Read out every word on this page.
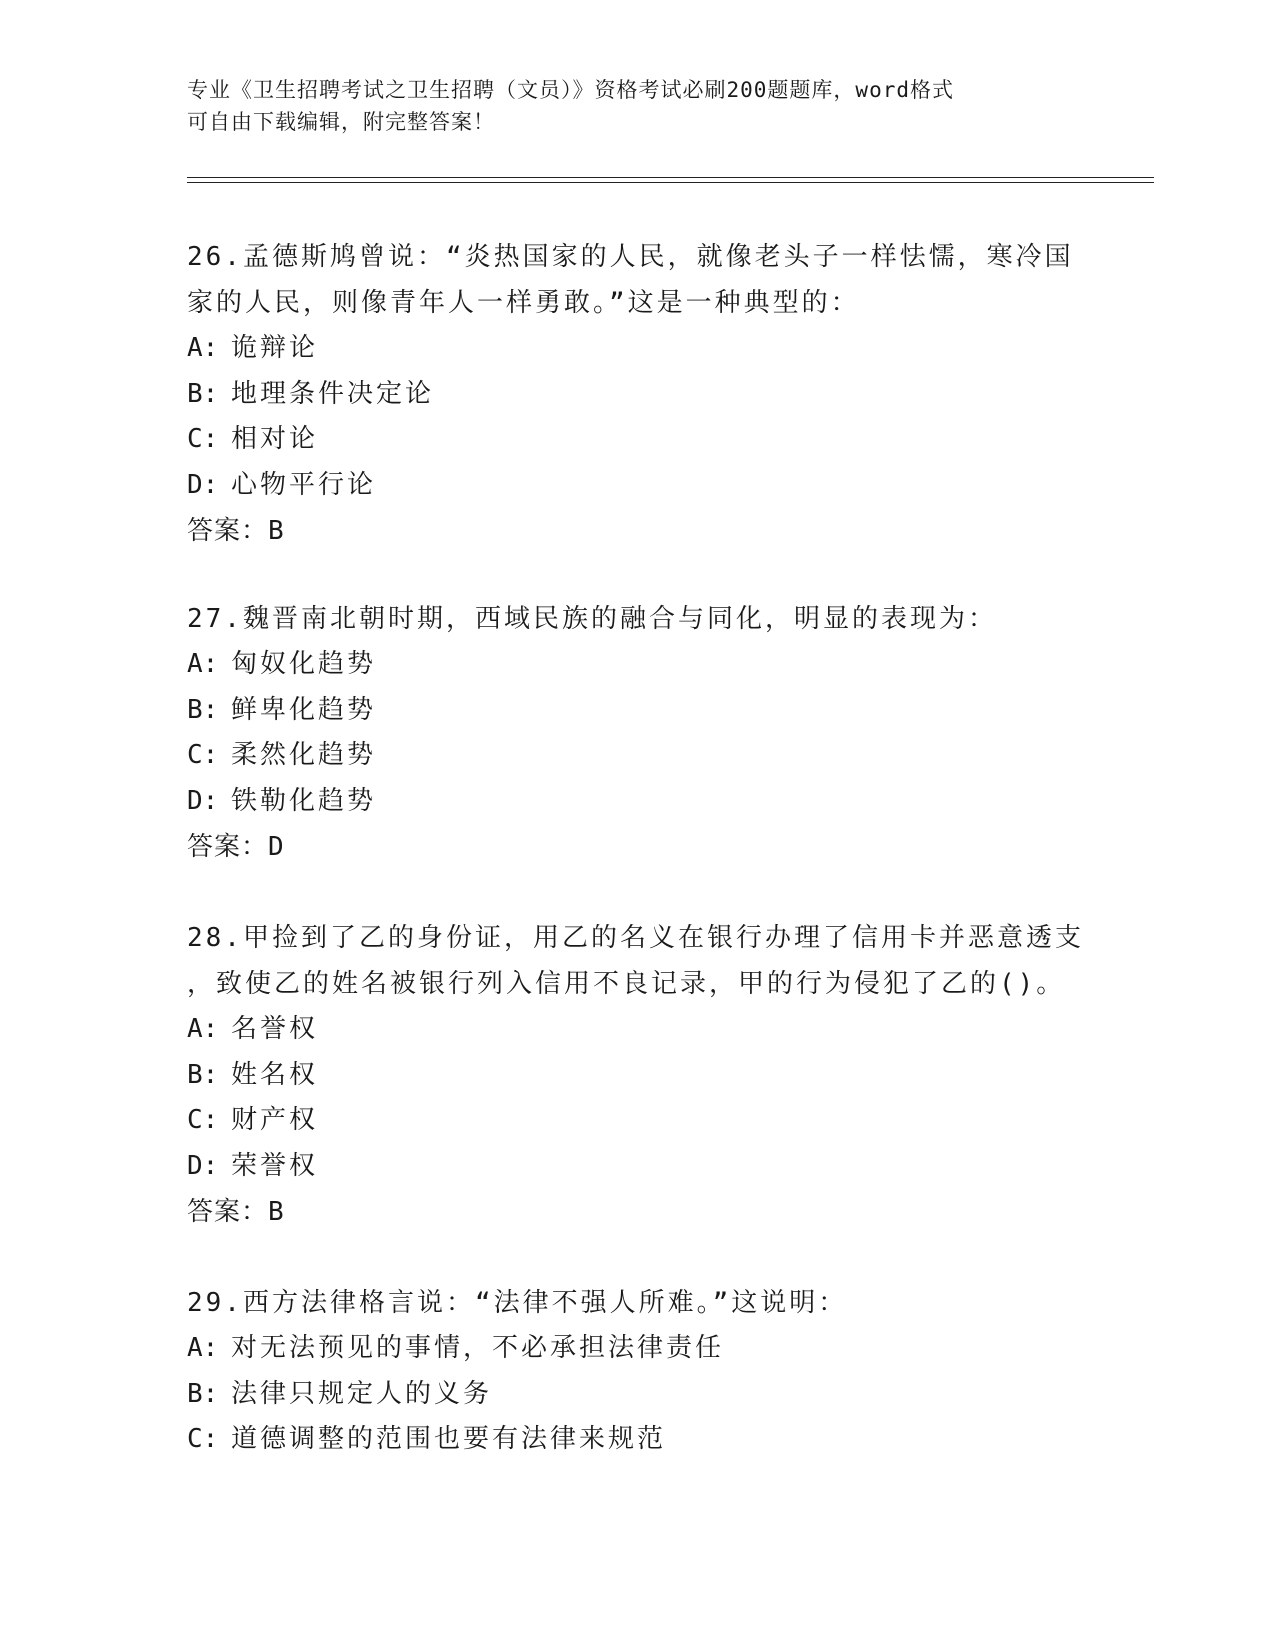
专业《卫生招聘考试之卫生招聘（文员）》资格考试必刷200题题库，word格式
可自由下载编辑，附完整答案！

26.孟德斯鸠曾说：“炎热国家的人民，就像老头子一样怯懦，寒冷国
家的人民，则像青年人一样勇敢。”这是一种典型的：

A: 诡辩论

B: 地理条件决定论

C: 相对论

D: 心物平行论

答案：B

27.魏晋南北朝时期，西域民族的融合与同化，明显的表现为：

A: 匈奴化趋势

B: 鲜卑化趋势

C: 柔然化趋势

D: 铁勒化趋势

答案：D

28.甲捡到了乙的身份证，用乙的名义在银行办理了信用卡并恶意透支
，致使乙的姓名被银行列入信用不良记录，甲的行为侵犯了乙的()。

A: 名誉权

B: 姓名权

C: 财产权

D: 荣誉权

答案：B

29.西方法律格言说：“法律不强人所难。”这说明：

A: 对无法预见的事情，不必承担法律责任

B: 法律只规定人的义务

C: 道德调整的范围也要有法律来规范
